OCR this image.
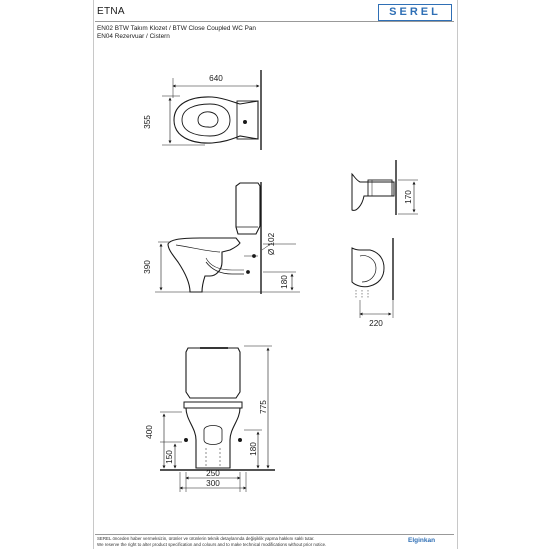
ETNA	SEREL
EN02 BTW Takım Klozet / BTW Close Coupled WC Pan
EN04 Rezervuar / Cistern
640
355
390
Ø 102
180
170
220
400
150
775
180
250
300
SEREL önceden haber vermeksizin, ürünler ve ürünlerin teknik detaylarında değişiklik yapma hakkını saklı tutar.
We reserve the right to alter product specification and colours and to make technical modifications without prior notice.
Elginkan
